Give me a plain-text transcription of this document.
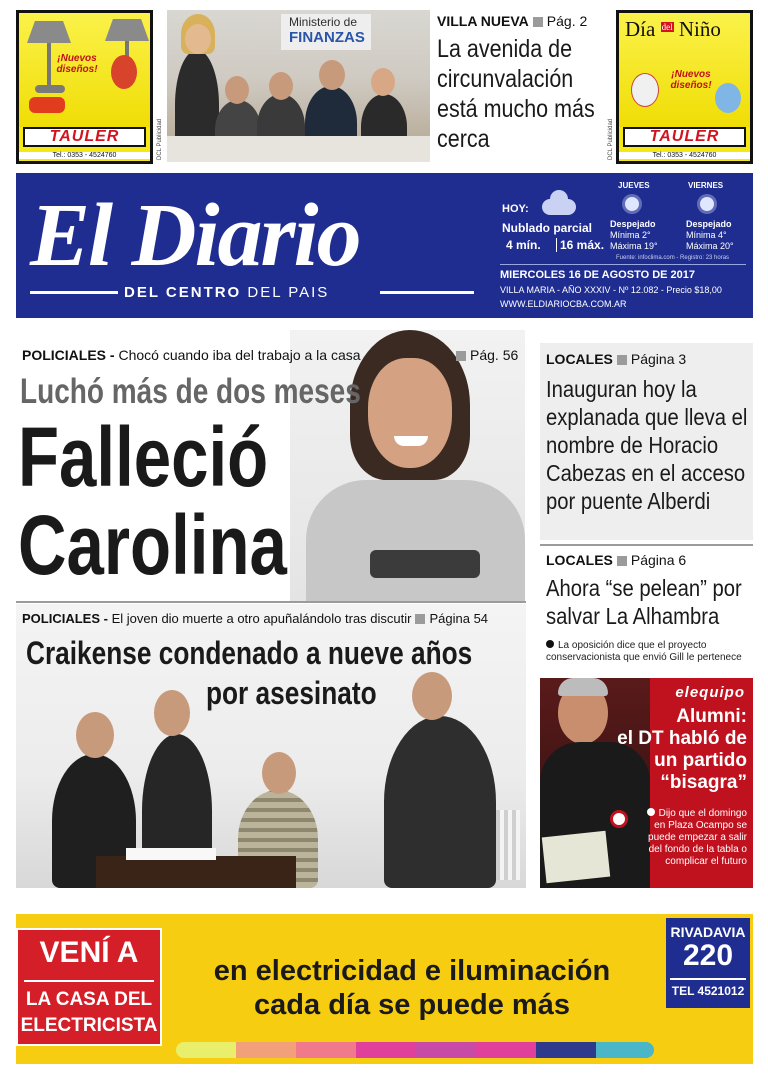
¡Nuevos diseños!
TAULER
Tel.: 0353 - 4524760	DCL Publicidad
Día $^{del}$ Niño
¡Nuevos diseños!
TAULER
Tel.: 0353 - 4524760
DCL Publicidad
Ministerio de
FINANZAS
VILLA NUEVA Pág. 2
La avenida de circunvalación está mucho más cerca
El Diario
DEL CENTRO DEL PAIS
HOY:
Nublado parcial
4 mín.	16 máx.
JUEVES
Despejado
Mínima 2°
Máxima 19°
VIERNES
Despejado
Mínima 4°
Máxima 20°
Fuente: infoclima.com - Registro: 23 horas
MIERCOLES 16 DE AGOSTO DE 2017
VILLA MARIA - AÑO XXXIV - Nº 12.082 - Precio $18,00
WWW.ELDIARIOCBA.COM.AR
POLICIALES - Chocó cuando iba del trabajo a la casa	Pág. 56
Luchó más de dos meses
Falleció
Carolina
LOCALES Página 3
Inauguran hoy la explanada que lleva el nombre de Horacio Cabezas en el acceso por puente Alberdi
LOCALES Página 6
Ahora “se pelean” por salvar La Alhambra
La oposición dice que el proyecto conservacionista que envió Gill le pertenece
elequipo
Alumni:
el DT habló de
un partido
“bisagra”
Dijo que el domingo en Plaza Ocampo se puede empezar a salir del fondo de la tabla o complicar el futuro
POLICIALES - El joven dio muerte a otro apuñalándolo tras discutir Página 54
Craikense condenado a nueve años
por asesinato
VENÍ A
LA CASA DEL
ELECTRICISTA
en electricidad e iluminación
cada día se puede más
RIVADAVIA
220
TEL 4521012
